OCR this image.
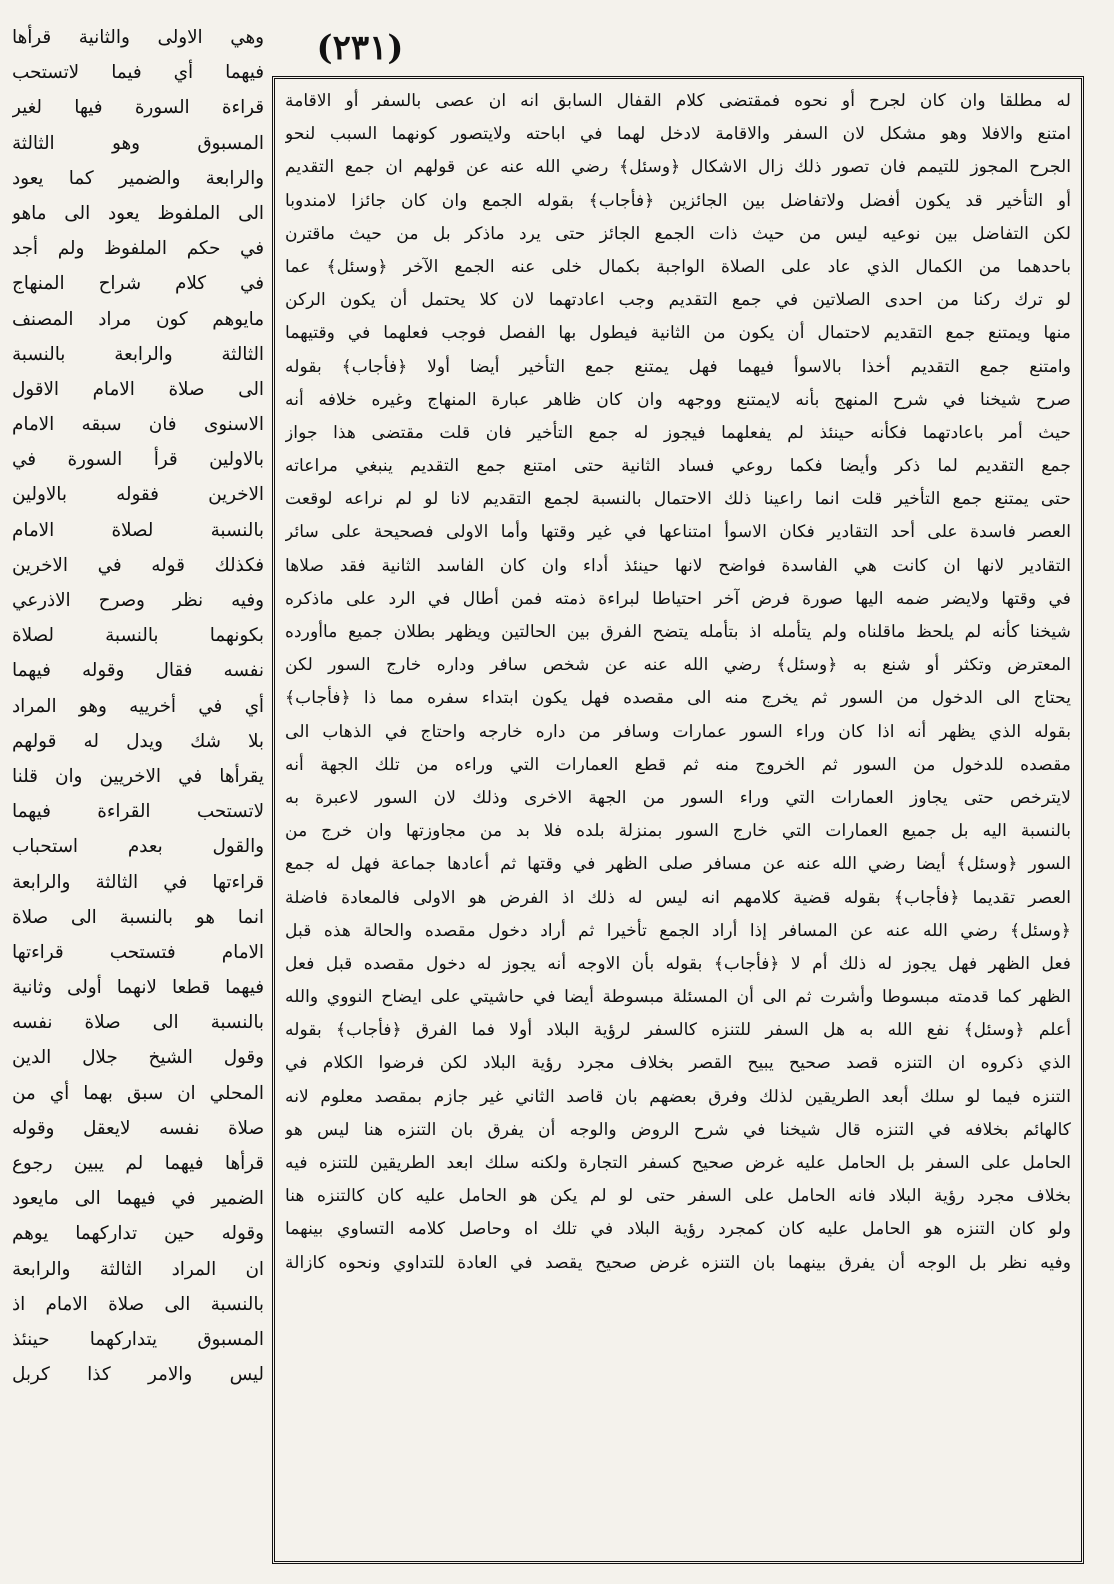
(٢٣١)
وهي الاولى والثانية قرأها
فيهما أي فيما لاتستحب
قراءة السورة فيها لغير
المسبوق وهو الثالثة
والرابعة والضمير كما يعود
الى الملفوظ يعود الى ماهو
في حكم الملفوظ ولم أجد
في كلام شراح المنهاج
مايوهم كون مراد المصنف
الثالثة والرابعة بالنسبة
الى صلاة الامام الاقول
الاسنوى فان سبقه الامام
بالاولين قرأ السورة في
الاخرين فقوله بالاولين
بالنسبة لصلاة الامام
فكذلك قوله في الاخرين
وفيه نظر وصرح الاذرعي
بكونهما بالنسبة لصلاة
نفسه فقال وقوله فيهما
أي في أخرييه وهو المراد
بلا شك ويدل له قولهم
يقرأها في الاخريين وان قلنا
لاتستحب القراءة فيهما
والقول بعدم استحباب
قراءتها في الثالثة والرابعة
انما هو بالنسبة الى صلاة
الامام فتستحب قراءتها
فيهما قطعا لانهما أولى وثانية
بالنسبة الى صلاة نفسه
وقول الشيخ جلال الدين
المحلي ان سبق بهما أي من
صلاة نفسه لايعقل وقوله
قرأها فيهما لم يبين رجوع
الضمير في فيهما الى مايعود
وقوله حين تداركهما يوهم
ان المراد الثالثة والرابعة
بالنسبة الى صلاة الامام اذ
المسبوق يتداركهما حينئذ
ليس والامر كذا كربل
له مطلقا وان كان لجرح أو نحوه فمقتضى كلام القفال السابق انه ان عصى بالسفر أو الاقامة
امتنع والافلا وهو مشكل لان السفر والاقامة لادخل لهما في اباحته ولايتصور كونهما السبب لنحو
الجرح المجوز للتيمم فان تصور ذلك زال الاشكال ﴿وسئل﴾ رضي الله عنه عن قولهم ان جمع التقديم
أو التأخير قد يكون أفضل ولاتفاضل بين الجائزين ﴿فأجاب﴾ بقوله الجمع وان كان جائزا لامندوبا
لكن التفاضل بين نوعيه ليس من حيث ذات الجمع الجائز حتى يرد ماذكر بل من حيث ماقترن
باحدهما من الكمال الذي عاد على الصلاة الواجبة بكمال خلى عنه الجمع الآخر ﴿وسئل﴾ عما
لو ترك ركنا من احدى الصلاتين في جمع التقديم وجب اعادتهما لان كلا يحتمل أن يكون الركن
منها ويمتنع جمع التقديم لاحتمال أن يكون من الثانية فيطول بها الفصل فوجب فعلهما في وقتيهما
وامتنع جمع التقديم أخذا بالاسوأ فيهما فهل يمتنع جمع التأخير أيضا أولا ﴿فأجاب﴾ بقوله
صرح شيخنا في شرح المنهج بأنه لايمتنع ووجهه وان كان ظاهر عبارة المنهاج وغيره خلافه أنه
حيث أمر باعادتهما فكأنه حينئذ لم يفعلهما فيجوز له جمع التأخير فان قلت مقتضى هذا جواز
جمع التقديم لما ذكر وأيضا فكما روعي فساد الثانية حتى امتنع جمع التقديم ينبغي مراعاته
حتى يمتنع جمع التأخير قلت انما راعينا ذلك الاحتمال بالنسبة لجمع التقديم لانا لو لم نراعه لوقعت
العصر فاسدة على أحد التقادير فكان الاسوأ امتناعها في غير وقتها وأما الاولى فصحيحة على سائر
التقادير لانها ان كانت هي الفاسدة فواضح لانها حينئذ أداء وان كان الفاسد الثانية فقد صلاها
في وقتها ولايضر ضمه اليها صورة فرض آخر احتياطا لبراءة ذمته فمن أطال في الرد على ماذكره
شيخنا كأنه لم يلحظ ماقلناه ولم يتأمله اذ بتأمله يتضح الفرق بين الحالتين ويظهر بطلان جميع ماأورده
المعترض وتكثر أو شنع به ﴿وسئل﴾ رضي الله عنه عن شخص سافر وداره خارج السور لكن
يحتاج الى الدخول من السور ثم يخرج منه الى مقصده فهل يكون ابتداء سفره مما ذا ﴿فأجاب﴾
بقوله الذي يظهر أنه اذا كان وراء السور عمارات وسافر من داره خارجه واحتاج في الذهاب الى
مقصده للدخول من السور ثم الخروج منه ثم قطع العمارات التي وراءه من تلك الجهة أنه
لايترخص حتى يجاوز العمارات التي وراء السور من الجهة الاخرى وذلك لان السور لاعبرة به
بالنسبة اليه بل جميع العمارات التي خارج السور بمنزلة بلده فلا بد من مجاوزتها وان خرج من
السور ﴿وسئل﴾ أيضا رضي الله عنه عن مسافر صلى الظهر في وقتها ثم أعادها جماعة فهل له جمع
العصر تقديما ﴿فأجاب﴾ بقوله قضية كلامهم انه ليس له ذلك اذ الفرض هو الاولى فالمعادة فاضلة
﴿وسئل﴾ رضي الله عنه عن المسافر إذا أراد الجمع تأخيرا ثم أراد دخول مقصده والحالة هذه قبل
فعل الظهر فهل يجوز له ذلك أم لا ﴿فأجاب﴾ بقوله بأن الاوجه أنه يجوز له دخول مقصده قبل فعل
الظهر كما قدمته مبسوطا وأشرت ثم الى أن المسئلة مبسوطة أيضا في حاشيتي على ايضاح النووي والله
أعلم ﴿وسئل﴾ نفع الله به هل السفر للتنزه كالسفر لرؤية البلاد أولا فما الفرق ﴿فأجاب﴾ بقوله
الذي ذكروه ان التنزه قصد صحيح يبيح القصر بخلاف مجرد رؤية البلاد لكن فرضوا الكلام في
التنزه فيما لو سلك أبعد الطريقين لذلك وفرق بعضهم بان قاصد الثاني غير جازم بمقصد معلوم لانه
كالهائم بخلافه في التنزه قال شيخنا في شرح الروض والوجه أن يفرق بان التنزه هنا ليس هو
الحامل على السفر بل الحامل عليه غرض صحيح كسفر التجارة ولكنه سلك ابعد الطريقين للتنزه فيه
بخلاف مجرد رؤية البلاد فانه الحامل على السفر حتى لو لم يكن هو الحامل عليه كان كالتنزه هنا
ولو كان التنزه هو الحامل عليه كان كمجرد رؤية البلاد في تلك اه وحاصل كلامه التساوي بينهما
وفيه نظر بل الوجه أن يفرق بينهما بان التنزه غرض صحيح يقصد في العادة للتداوي ونحوه كازالة
